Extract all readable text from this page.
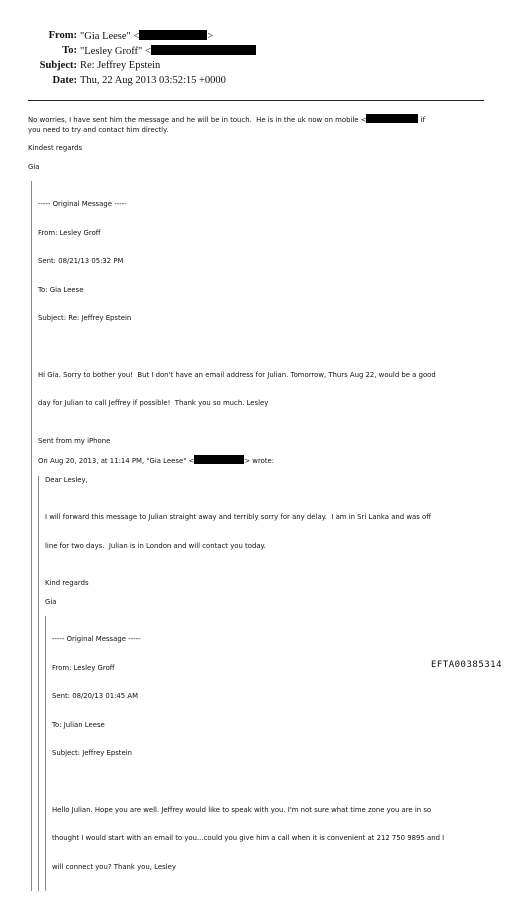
From: "Gia Leese" <	>
To: "Lesley Groff" <
Subject: Re: Jeffrey Epstein
Date: Thu, 22 Aug 2013 03:52:15 +0000
No worries, I have sent him the message and he will be in touch.  He is in the uk now on mobile <	if
you need to try and contact him directly.
Kindest regards
Gia

----- Original Message -----

From: Lesley Groff

Sent: 08/21/13 05:32 PM

To: Gia Leese

Subject: Re: Jeffrey Epstein

Hi Gia. Sorry to bother you!  But I don't have an email address for Julian. Tomorrow, Thurs Aug 22, would be a good

day for Julian to call Jeffrey if possible!  Thank you so much. Lesley

Sent from my iPhone
On Aug 20, 2013, at 11:14 PM, "Gia Leese" <	> wrote:
Dear Lesley,

I will forward this message to Julian straight away and terribly sorry for any delay.  I am in Sri Lanka and was off

line for two days.  Julian is in London and will contact you today.

Kind regards
Gia

----- Original Message -----

From: Lesley Groff

Sent: 08/20/13 01:45 AM

To: Julian Leese

Subject: Jeffrey Epstein

Hello Julian. Hope you are well. Jeffrey would like to speak with you. I'm not sure what time zone you are in so

thought I would start with an email to you...could you give him a call when it is convenient at 212 750 9895 and I

will connect you? Thank you, Lesley

EFTA00385314
